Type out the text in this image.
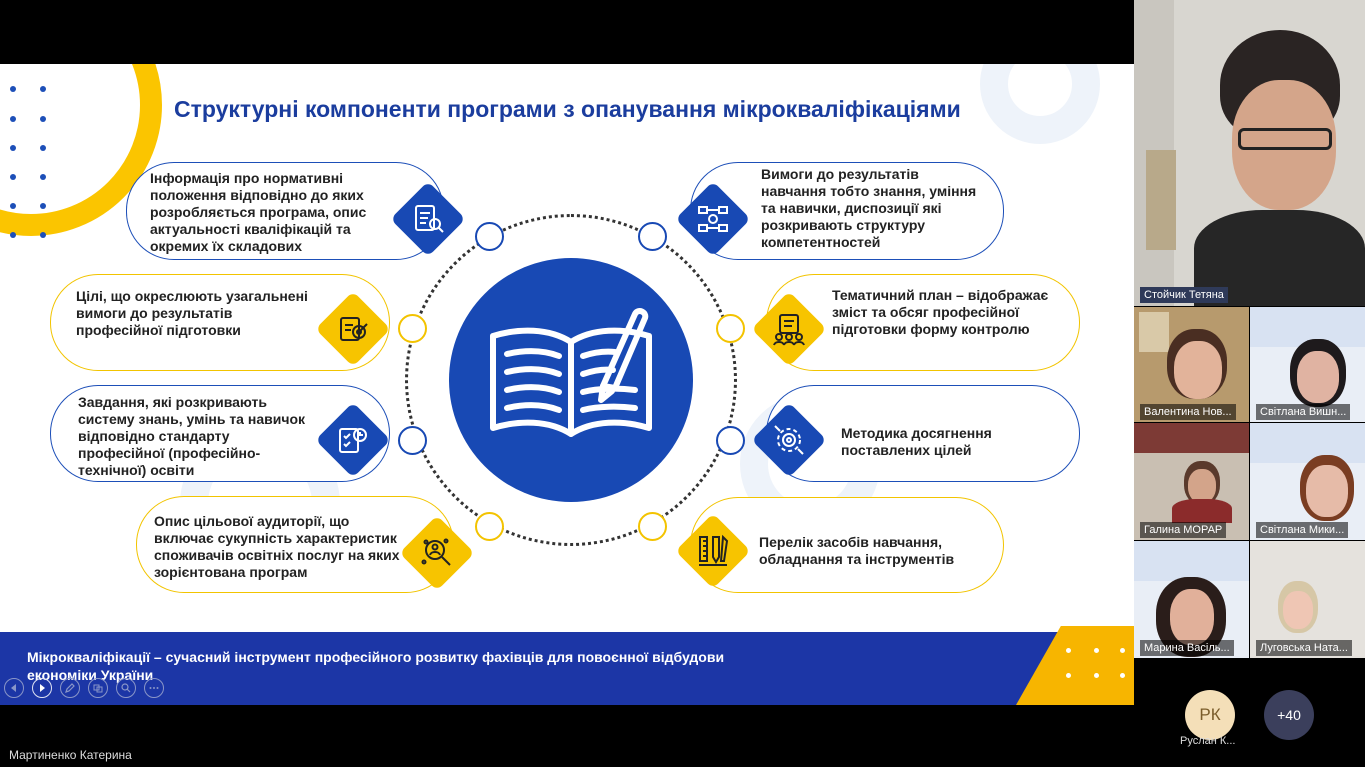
Структурні компоненти програми з опанування мікрокваліфікаціями
Інформація про нормативні положення відповідно до яких розробляється програма, опис актуальності кваліфікацій та окремих їх складових
Цілі, що окреслюють узагальнені вимоги до результатів професійної підготовки
Завдання, які розкривають систему знань, умінь та навичок відповідно стандарту професійної (професійно-технічної) освіти
Опис цільової аудиторії, що включає сукупність характеристик споживачів освітніх послуг на яких зорієнтована програм
Вимоги до результатів навчання тобто знання, уміння та навички, диспозиції які розкривають структуру компетентностей
Тематичний план – відображає зміст та обсяг професійної підготовки форму контролю
Методика досягнення поставлених цілей
Перелік засобів навчання, обладнання та інструментів
Мікрокваліфікації – сучасний інструмент професійного розвитку фахівців для повоєнної відбудови економіки України
Мартиненко Катерина
Стойчик Тетяна
Валентина Нов...	Світлана Вишн...
Галина МОРАР	Світлана Мики...
Марина Васіль...	Луговська Ната...
РК
Руслан К...
+40
